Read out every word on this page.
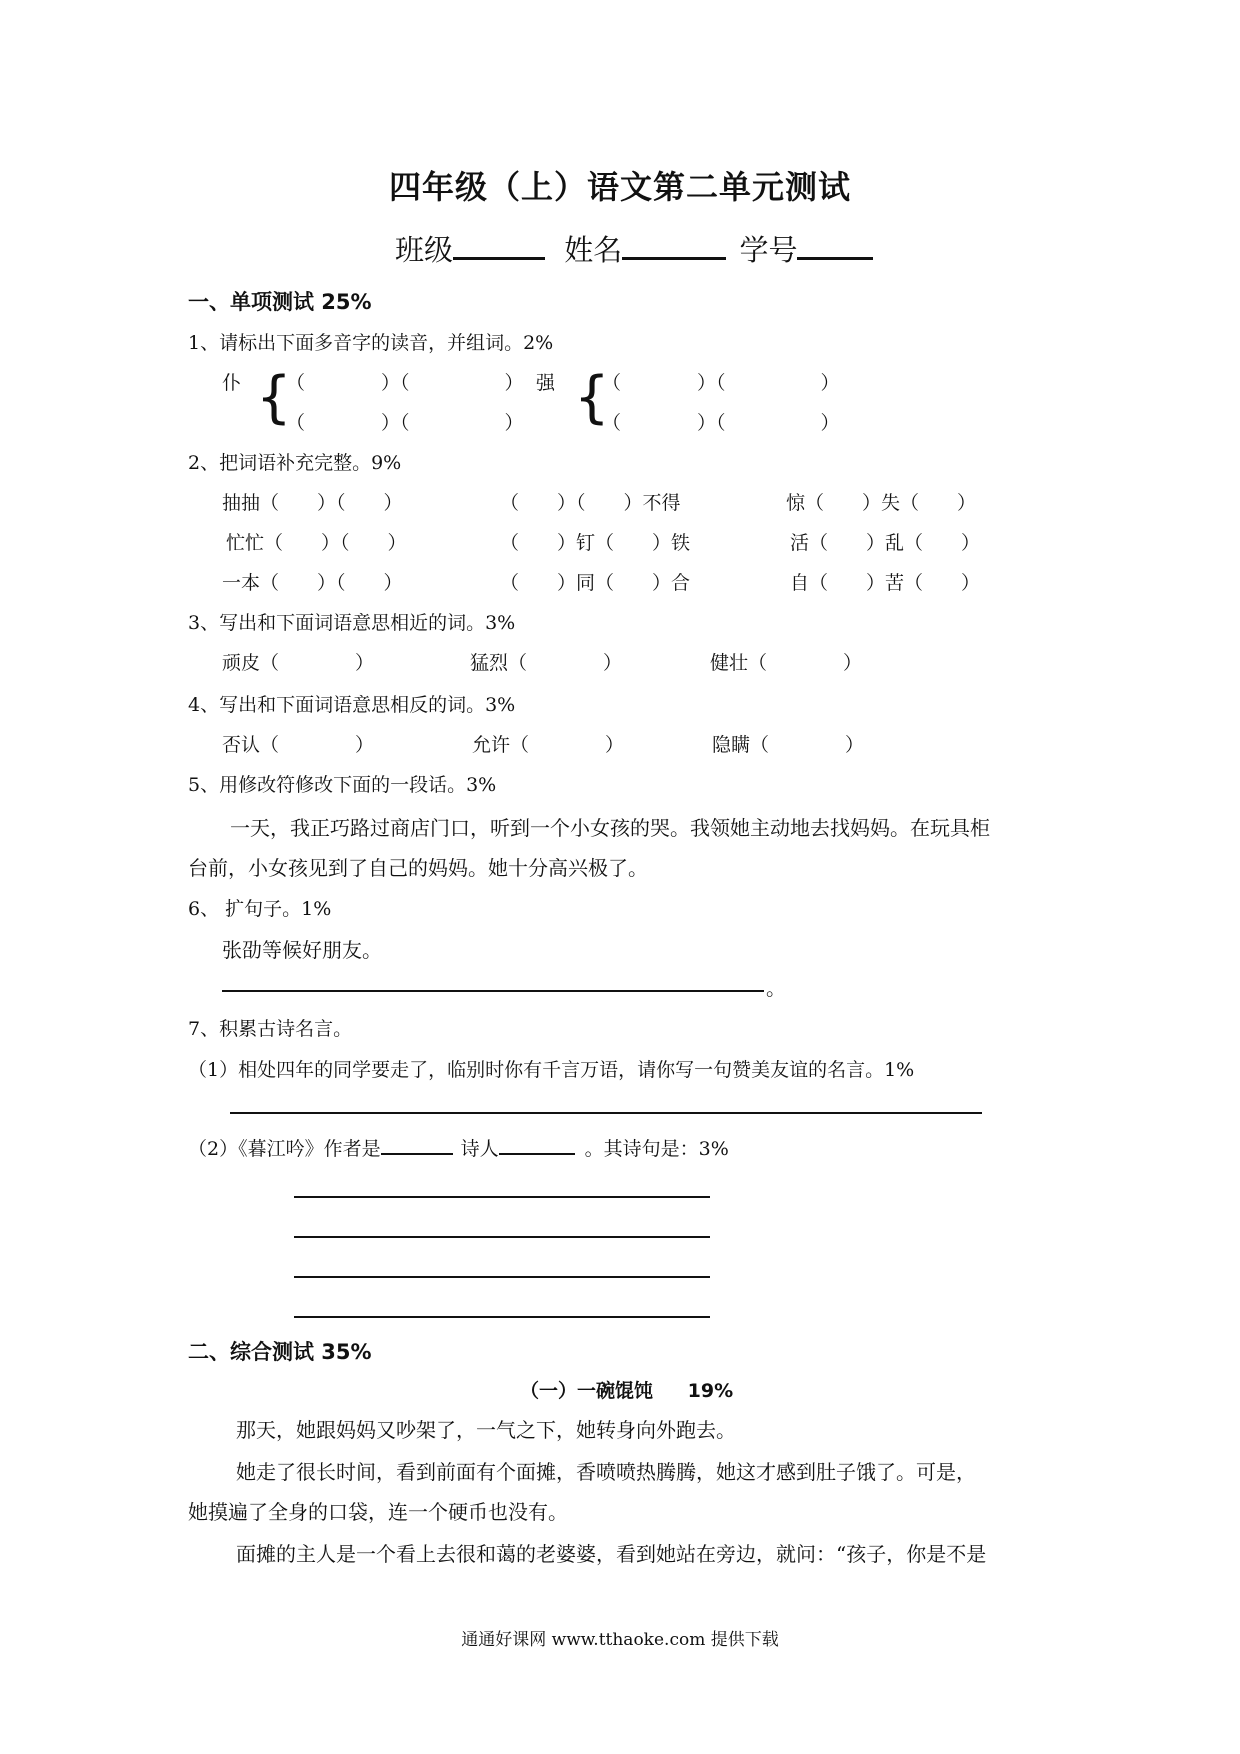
四年级（上）语文第二单元测试
班级	姓名	学号
一、单项测试 25%
1、请标出下面多音字的读音，并组词。2%
仆 {
（　　　　）（　　　　　）
（　　　　）（　　　　　）
强 {
（　　　　）（　　　　　）
（　　　　）（　　　　　）
2、把词语补充完整。9%
抽抽（　　）（　　）	（　　）（　　）不得	惊（　　）失（　　）
忙忙（　　）（　　）	（　　）钉（　　）铁	活（　　）乱（　　）
一本（　　）（　　）	（　　）同（　　）合	自（　　）苦（　　）
3、写出和下面词语意思相近的词。3%
顽皮（　　　　）	猛烈（　　　　）	健壮（　　　　）
4、写出和下面词语意思相反的词。3%
否认（　　　　）	允许（　　　　）	隐瞒（　　　　）
5、用修改符修改下面的一段话。3%
一天，我正巧路过商店门口，听到一个小女孩的哭。我领她主动地去找妈妈。在玩具柜
台前，小女孩见到了自己的妈妈。她十分高兴极了。
6、 扩句子。1%
张劭等候好朋友。
。
7、积累古诗名言。
（1）相处四年的同学要走了，临别时你有千言万语，请你写一句赞美友谊的名言。1%
（2）《暮江吟》作者是	诗人	。其诗句是：3%
二、综合测试 35%
（一）一碗馄饨 19%
那天，她跟妈妈又吵架了，一气之下，她转身向外跑去。
她走了很长时间，看到前面有个面摊，香喷喷热腾腾，她这才感到肚子饿了。可是，
她摸遍了全身的口袋，连一个硬币也没有。
面摊的主人是一个看上去很和蔼的老婆婆，看到她站在旁边，就问：“孩子，你是不是
通通好课网 www.tthaoke.com 提供下载
